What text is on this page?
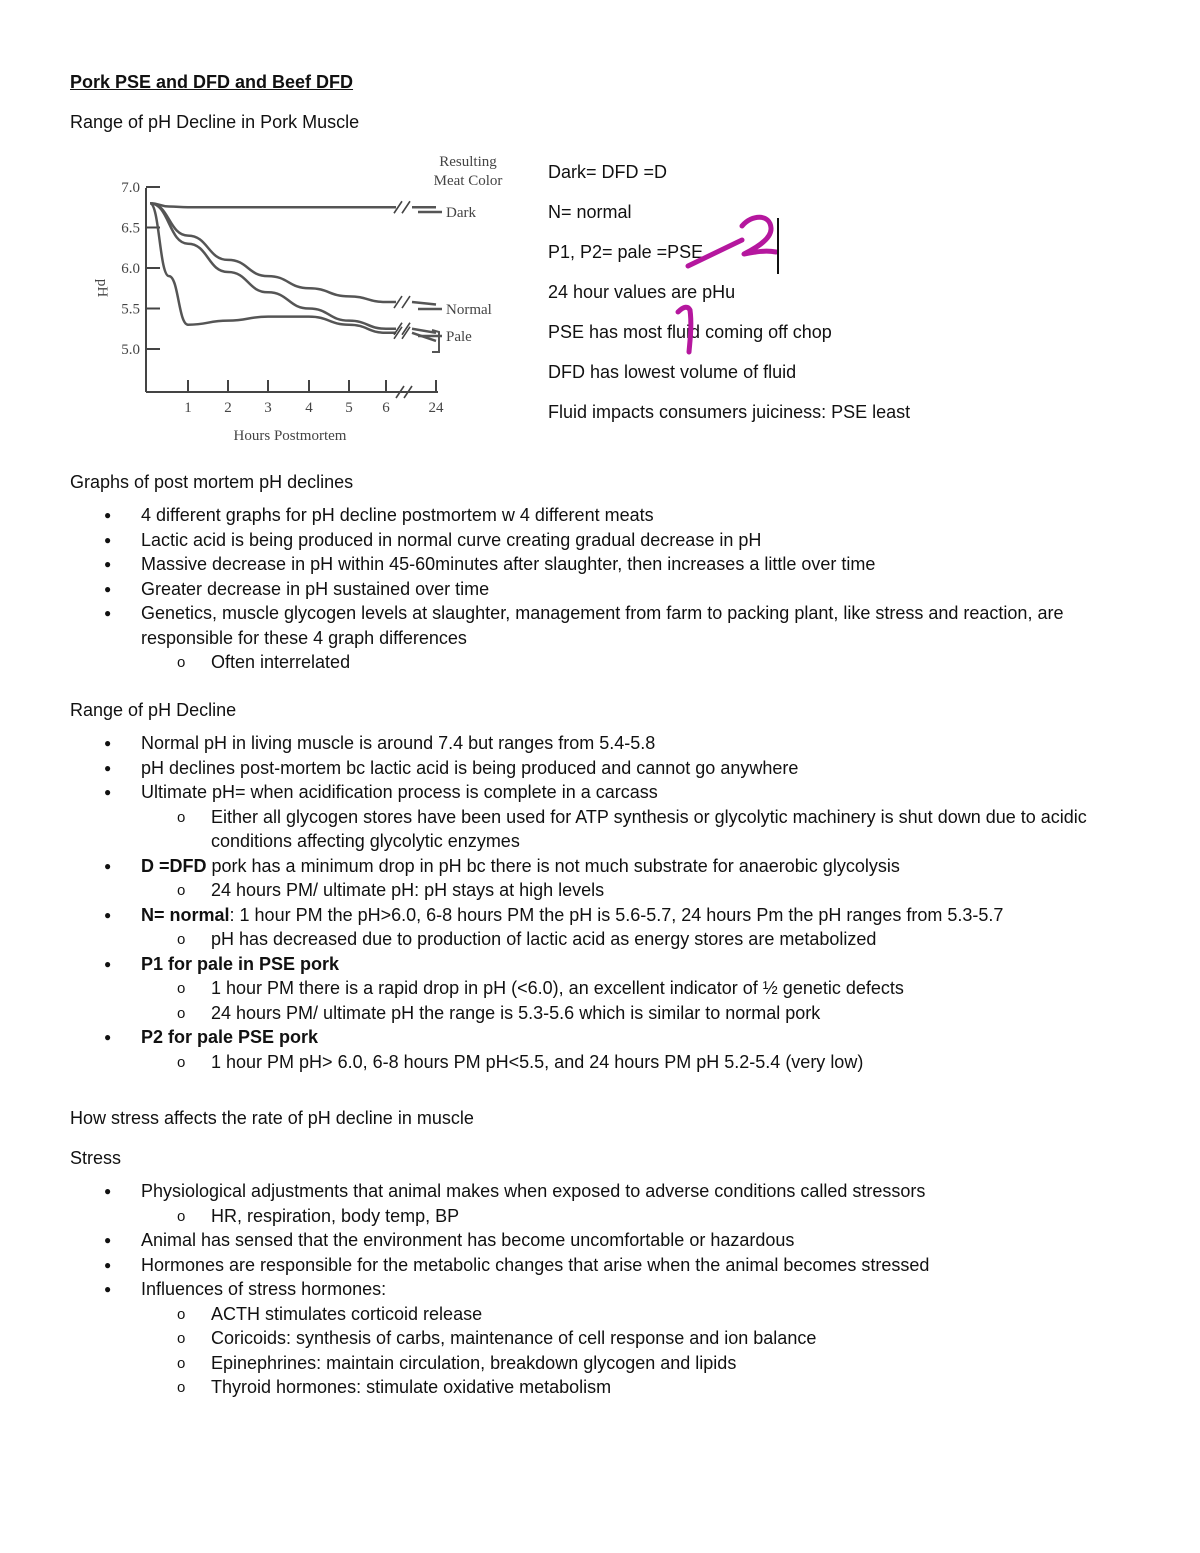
Pork PSE and DFD and Beef DFD
Range of pH Decline in Pork Muscle
7.0
6.5
6.0
5.5
5.0
1 2 3 4 5 6	24
pH
Hours Postmortem
Resulting
Meat Color
Dark
Normal
Pale
Dark= DFD =D
N= normal
P1, P2= pale =PSE
24 hour values are pHu
PSE has most fluid coming off chop
DFD has lowest volume of fluid
Fluid impacts consumers juiciness: PSE least
Graphs of post mortem pH declines
● 4 different graphs for pH decline postmortem w 4 different meats
● Lactic acid is being produced in normal curve creating gradual decrease in pH
● Massive decrease in pH within 45-60minutes after slaughter, then increases a little over time
● Greater decrease in pH sustained over time
● Genetics, muscle glycogen levels at slaughter, management from farm to packing plant, like stress and reaction, are responsible for these 4 graph differences
o Often interrelated
Range of pH Decline
● Normal pH in living muscle is around 7.4 but ranges from 5.4-5.8
● pH declines post-mortem bc lactic acid is being produced and cannot go anywhere
● Ultimate pH= when acidification process is complete in a carcass
o Either all glycogen stores have been used for ATP synthesis or glycolytic machinery is shut down due to acidic conditions affecting glycolytic enzymes
● D =DFD pork has a minimum drop in pH bc there is not much substrate for anaerobic glycolysis
o 24 hours PM/ ultimate pH: pH stays at high levels
● N= normal: 1 hour PM the pH>6.0, 6-8 hours PM the pH is 5.6-5.7, 24 hours Pm the pH ranges from 5.3-5.7
o pH has decreased due to production of lactic acid as energy stores are metabolized
● P1 for pale in PSE pork
o 1 hour PM there is a rapid drop in pH (<6.0), an excellent indicator of ½ genetic defects
o 24 hours PM/ ultimate pH the range is 5.3-5.6 which is similar to normal pork
● P2 for pale PSE pork
o 1 hour PM pH> 6.0, 6-8 hours PM pH<5.5, and 24 hours PM pH 5.2-5.4 (very low)
How stress affects the rate of pH decline in muscle
Stress
● Physiological adjustments that animal makes when exposed to adverse conditions called stressors
o HR, respiration, body temp, BP
● Animal has sensed that the environment has become uncomfortable or hazardous
● Hormones are responsible for the metabolic changes that arise when the animal becomes stressed
● Influences of stress hormones:
o ACTH stimulates corticoid release
o Coricoids: synthesis of carbs, maintenance of cell response and ion balance
o Epinephrines: maintain circulation, breakdown glycogen and lipids
o Thyroid hormones: stimulate oxidative metabolism
